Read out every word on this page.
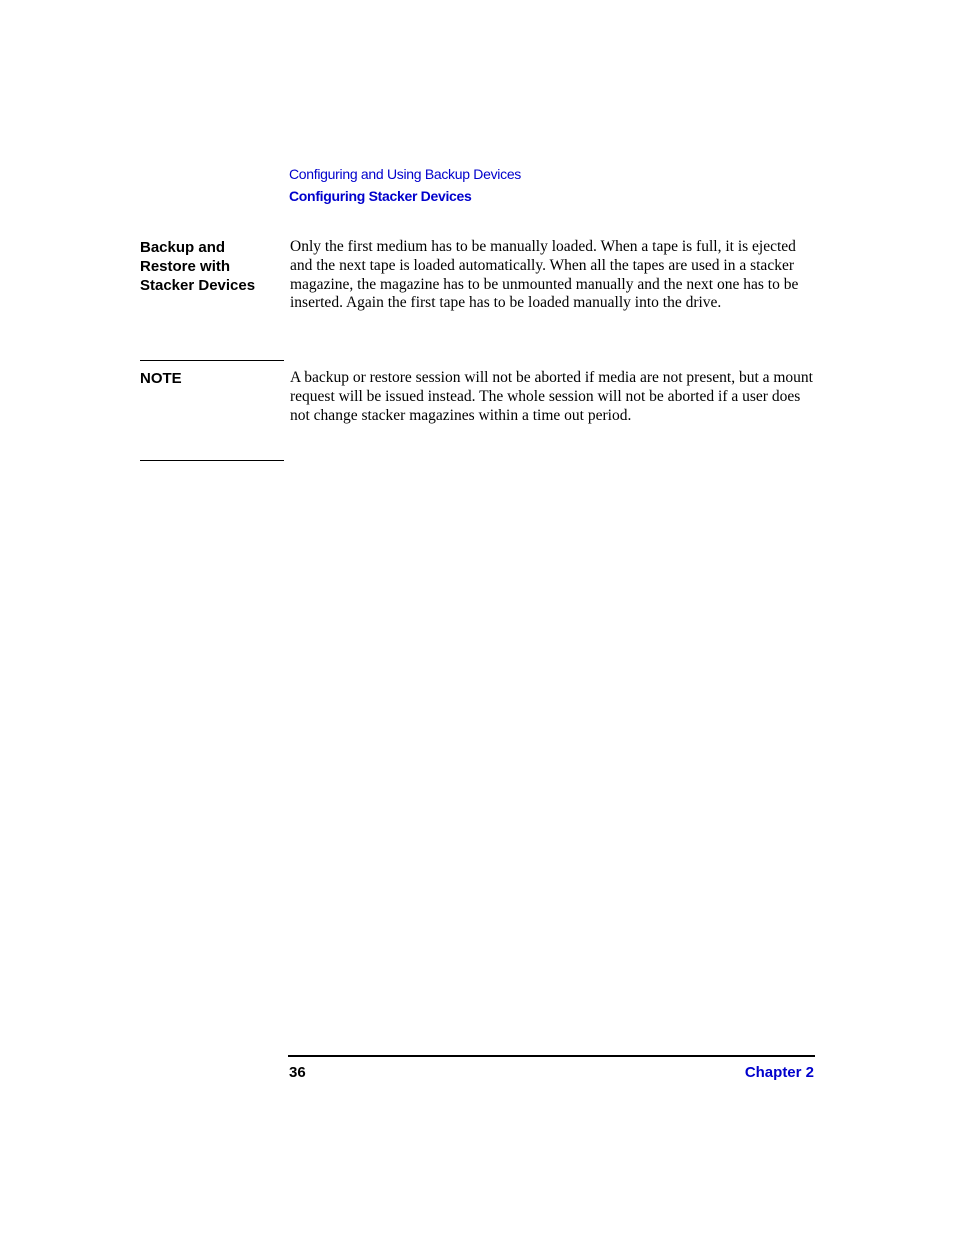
Configuring and Using Backup Devices
Configuring Stacker Devices
Backup and
Restore with
Stacker Devices
Only the first medium has to be manually loaded. When a tape is full, it is ejected and the next tape is loaded automatically. When all the tapes are used in a stacker magazine, the magazine has to be unmounted manually and the next one has to be inserted. Again the first tape has to be loaded manually into the drive.
NOTE	A backup or restore session will not be aborted if media are not present, but a mount request will be issued instead. The whole session will not be aborted if a user does not change stacker magazines within a time out period.
36	Chapter 2
